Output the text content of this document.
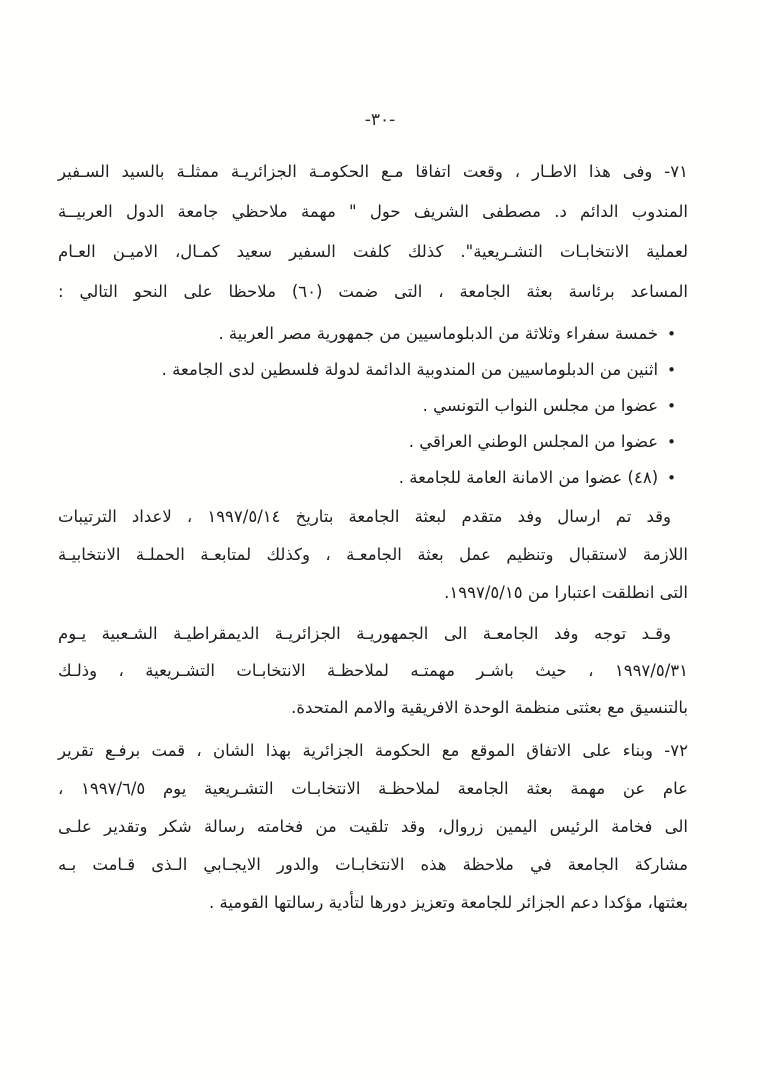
-٣٠-
٧١- وفى هذا الاطـار ، وقعت اتفاقا مـع الحكومـة الجزائريـة ممثلـة بالسيد السـفير
المندوب الدائم د. مصطفى الشريف حول " مهمة ملاحظي جامعة الدول العربيــة
لعملية الانتخابـات التشـريعية". كذلك كلفت السفير سعيد كمـال، الاميـن العـام
المساعد برئاسة بعثة الجامعة ، التى ضمت (٦٠) ملاحظا على النحو التالي :
•
خمسة سفراء وثلاثة من الدبلوماسيين من جمهورية مصر العربية .
•
اثنين من الدبلوماسيين من المندوبية الدائمة لدولة فلسطين لدى الجامعة .
•
عضوا من مجلس النواب التونسي .
•
عضوا من المجلس الوطني العراقي .
•
(٤٨) عضوا من الامانة العامة للجامعة .
وقد تم ارسال وفد متقدم لبعثة الجامعة بتاريخ ١٩٩٧/٥/١٤ ، لاعداد الترتيبات
اللازمة لاستقبال وتنظيم عمل بعثة الجامعـة ، وكذلك لمتابعـة الحملـة الانتخابيـة
التى انطلقت اعتبارا من ١٩٩٧/٥/١٥.
وقـد توجه وفد الجامعـة الى الجمهوريـة الجزائريـة الديمقراطيـة الشـعبية يـوم
١٩٩٧/٥/٣١ ، حيث باشـر مهمتـه لملاحظـة الانتخابـات التشـريعية ، وذلـك
بالتنسيق مع بعثتى منظمة الوحدة الافريقية والامم المتحدة.
٧٢- وبناء على الاتفاق الموقع مع الحكومة الجزائرية بهذا الشان ، قمت برفـع تقرير
عام عن مهمة بعثة الجامعة لملاحظـة الانتخابـات التشـريعية يوم ١٩٩٧/٦/٥ ،
الى فخامة الرئيس اليمين زروال، وقد تلقيت من فخامته رسالة شكر وتقدير علـى
مشاركة الجامعة في ملاحظة هذه الانتخابـات والدور الايجـابي الـذى قـامت بـه
بعثتها، مؤكدا دعم الجزائر للجامعة وتعزيز دورها لتأدية رسالتها القومية .
